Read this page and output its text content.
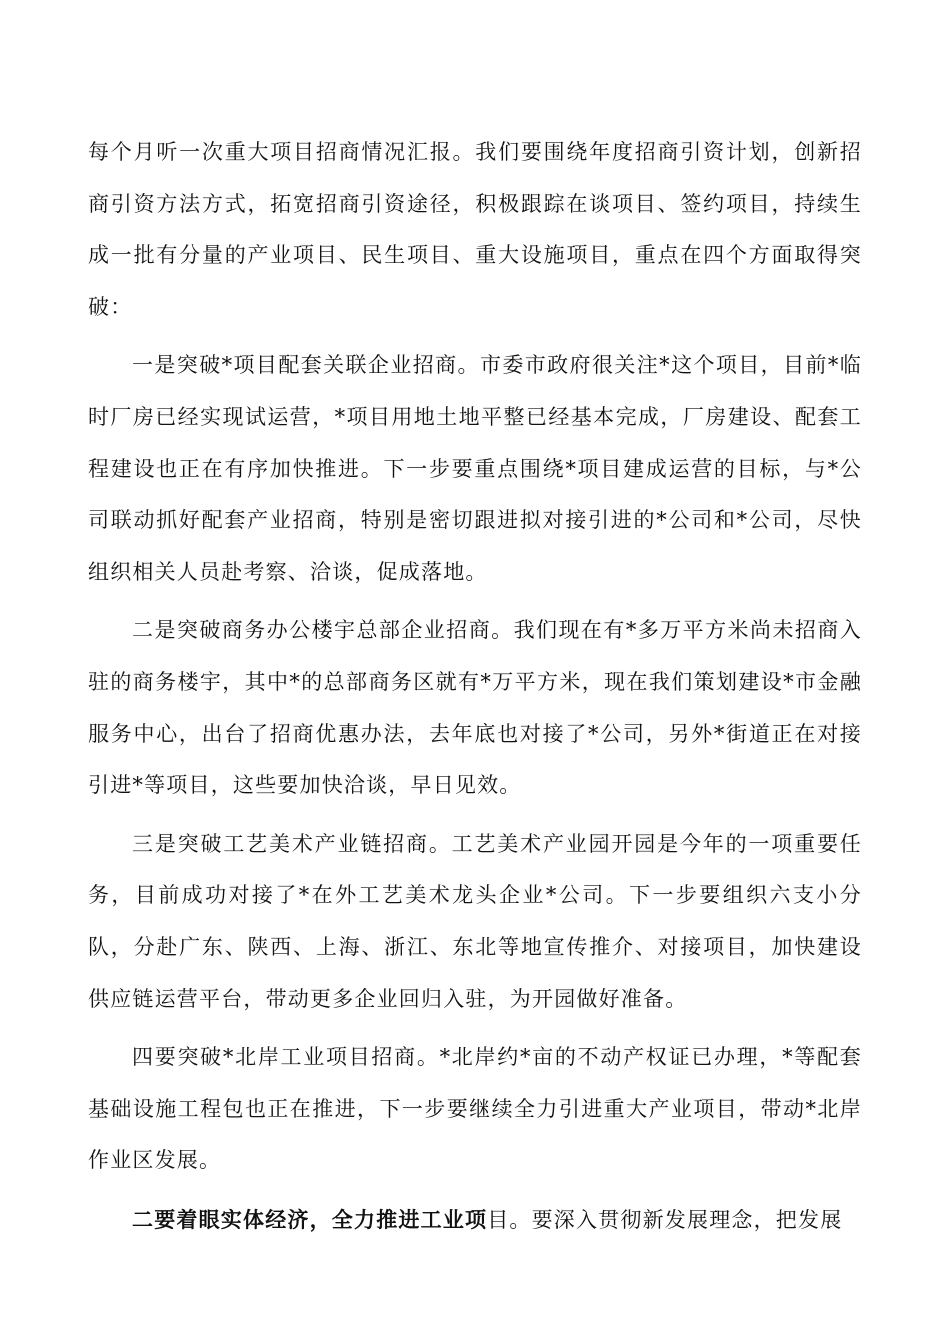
每个月听一次重大项目招商情况汇报。我们要围绕年度招商引资计划，创新招商引资方法方式，拓宽招商引资途径，积极跟踪在谈项目、签约项目，持续生成一批有分量的产业项目、民生项目、重大设施项目，重点在四个方面取得突破：

一是突破*项目配套关联企业招商。市委市政府很关注*这个项目，目前*临时厂房已经实现试运营，*项目用地土地平整已经基本完成，厂房建设、配套工程建设也正在有序加快推进。下一步要重点围绕*项目建成运营的目标，与*公司联动抓好配套产业招商，特别是密切跟进拟对接引进的*公司和*公司，尽快组织相关人员赴考察、洽谈，促成落地。

二是突破商务办公楼宇总部企业招商。我们现在有*多万平方米尚未招商入驻的商务楼宇，其中*的总部商务区就有*万平方米，现在我们策划建设*市金融服务中心，出台了招商优惠办法，去年底也对接了*公司，另外*街道正在对接引进*等项目，这些要加快洽谈，早日见效。

三是突破工艺美术产业链招商。工艺美术产业园开园是今年的一项重要任务，目前成功对接了*在外工艺美术龙头企业*公司。下一步要组织六支小分队，分赴广东、陕西、上海、浙江、东北等地宣传推介、对接项目，加快建设供应链运营平台，带动更多企业回归入驻，为开园做好准备。

四要突破*北岸工业项目招商。*北岸约*亩的不动产权证已办理，*等配套基础设施工程包也正在推进，下一步要继续全力引进重大产业项目，带动*北岸作业区发展。

二要着眼实体经济，全力推进工业项目。要深入贯彻新发展理念，把发展
